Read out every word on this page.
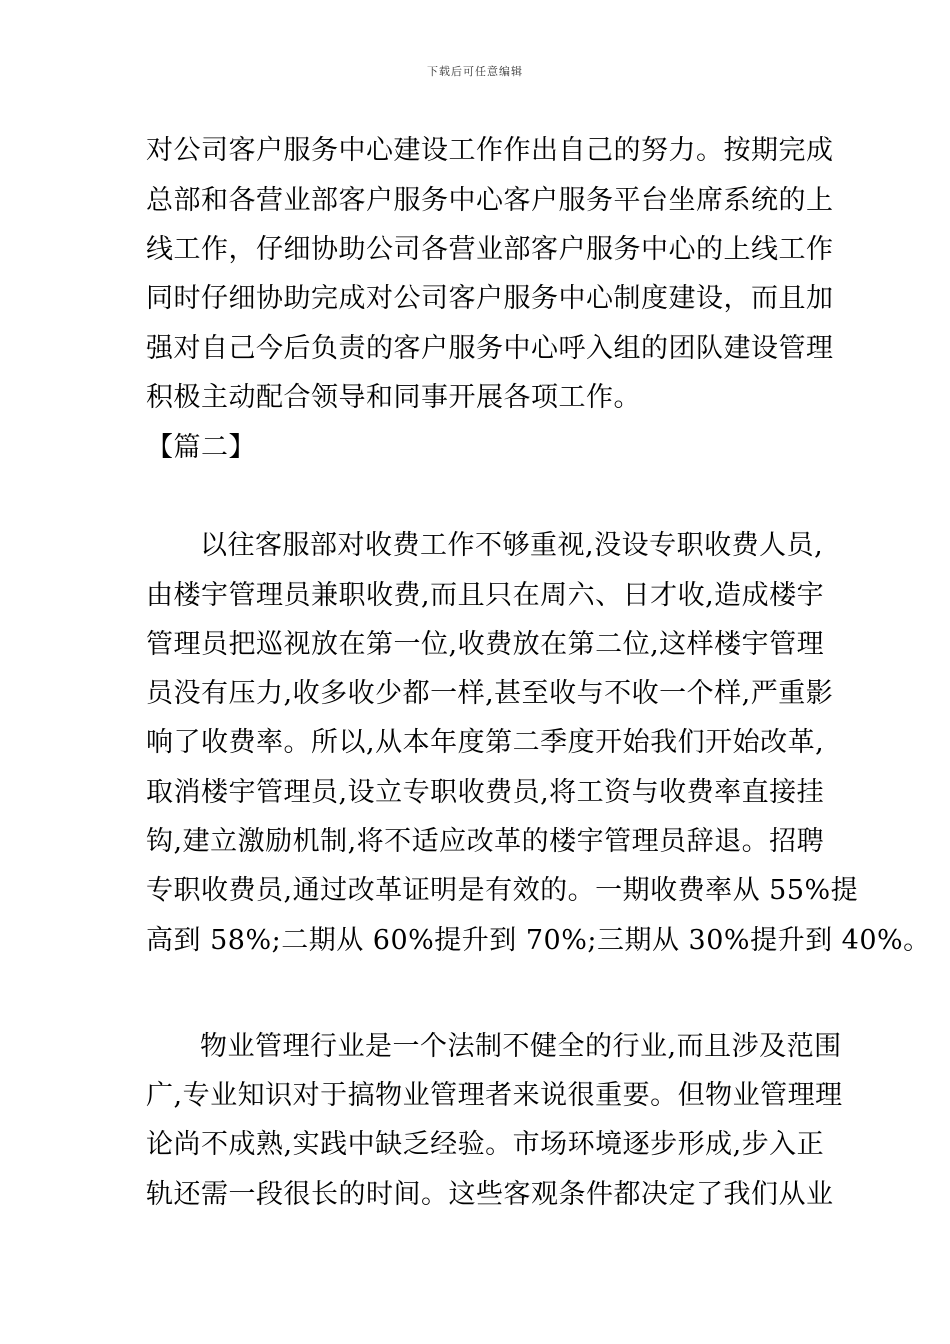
下载后可任意编辑
对公司客户服务中心建设工作作出自己的努力。按期完成
总部和各营业部客户服务中心客户服务平台坐席系统的上
线工作，仔细协助公司各营业部客户服务中心的上线工作
同时仔细协助完成对公司客户服务中心制度建设，而且加
强对自己今后负责的客户服务中心呼入组的团队建设管理
积极主动配合领导和同事开展各项工作。
【篇二】
以往客服部对收费工作不够重视,没设专职收费人员,
由楼宇管理员兼职收费,而且只在周六、日才收,造成楼宇
管理员把巡视放在第一位,收费放在第二位,这样楼宇管理
员没有压力,收多收少都一样,甚至收与不收一个样,严重影
响了收费率。所以,从本年度第二季度开始我们开始改革,
取消楼宇管理员,设立专职收费员,将工资与收费率直接挂
钩,建立激励机制,将不适应改革的楼宇管理员辞退。招聘
专职收费员,通过改革证明是有效的。一期收费率从 55%提
高到 58%;二期从 60%提升到 70%;三期从 30%提升到 40%。
物业管理行业是一个法制不健全的行业,而且涉及范围
广,专业知识对于搞物业管理者来说很重要。但物业管理理
论尚不成熟,实践中缺乏经验。市场环境逐步形成,步入正
轨还需一段很长的时间。这些客观条件都决定了我们从业
